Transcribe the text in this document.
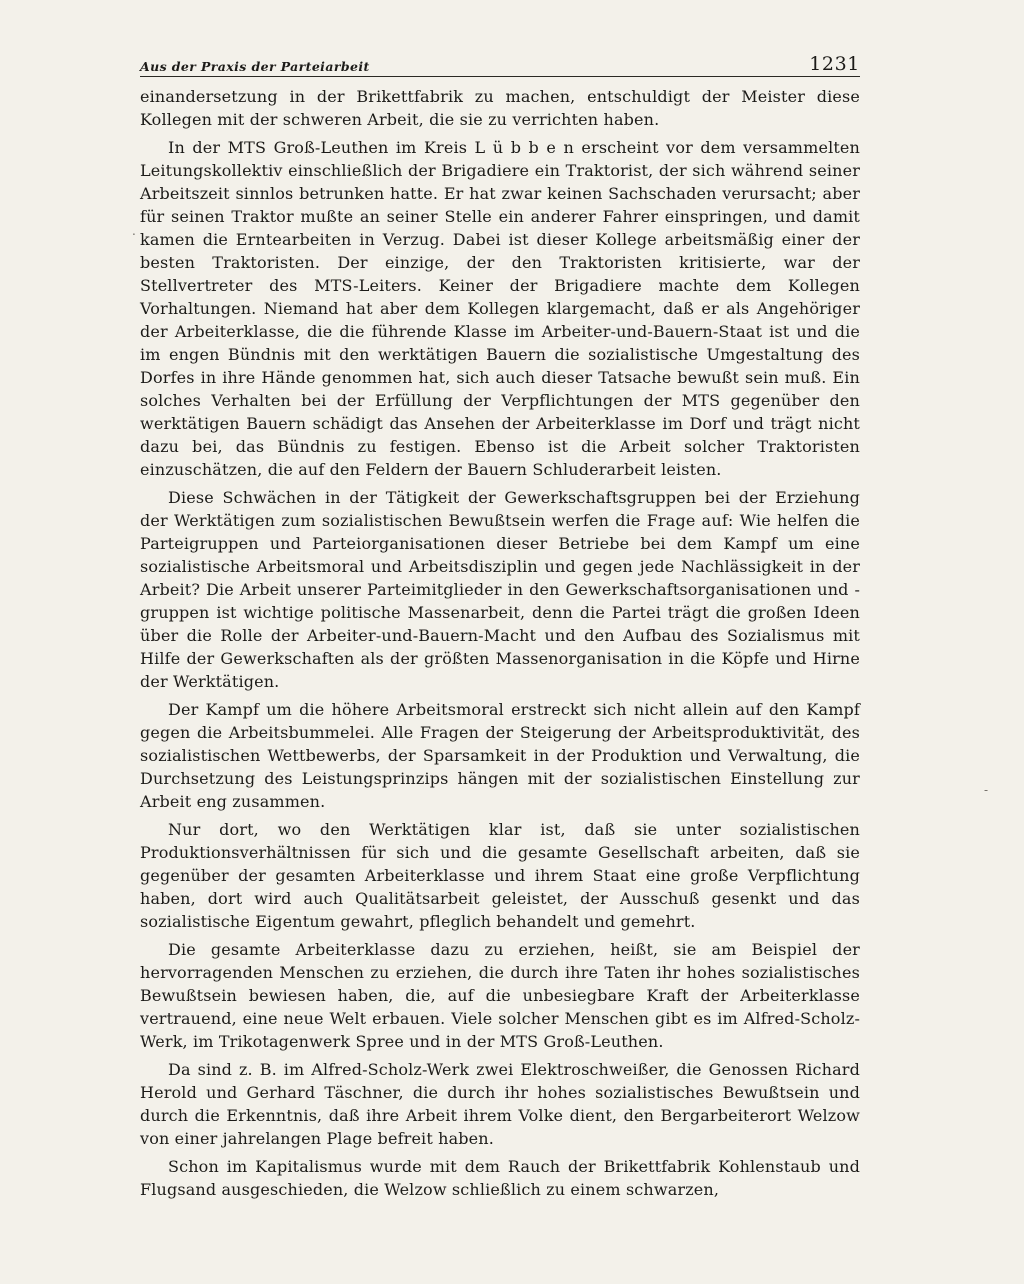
Aus der Praxis der Parteiarbeit	1231

einandersetzung in der Brikettfabrik zu machen, entschuldigt der Meister diese Kollegen mit der schweren Arbeit, die sie zu verrichten haben.

In der MTS Groß-Leuthen im Kreis L ü b b e n erscheint vor dem versammelten Leitungskollektiv einschließlich der Brigadiere ein Traktorist, der sich während seiner Arbeitszeit sinnlos betrunken hatte. Er hat zwar keinen Sachschaden verursacht; aber für seinen Traktor mußte an seiner Stelle ein anderer Fahrer einspringen, und damit kamen die Erntearbeiten in Verzug. Dabei ist dieser Kollege arbeitsmäßig einer der besten Traktoristen. Der einzige, der den Traktoristen kritisierte, war der Stellvertreter des MTS-Leiters. Keiner der Brigadiere machte dem Kollegen Vorhaltungen. Niemand hat aber dem Kollegen klargemacht, daß er als Angehöriger der Arbeiterklasse, die die führende Klasse im Arbeiter-und-Bauern-Staat ist und die im engen Bündnis mit den werktätigen Bauern die sozialistische Umgestaltung des Dorfes in ihre Hände genommen hat, sich auch dieser Tatsache bewußt sein muß. Ein solches Verhalten bei der Erfüllung der Verpflichtungen der MTS gegenüber den werktätigen Bauern schädigt das Ansehen der Arbeiterklasse im Dorf und trägt nicht dazu bei, das Bündnis zu festigen. Ebenso ist die Arbeit solcher Traktoristen einzuschätzen, die auf den Feldern der Bauern Schluderarbeit leisten.

Diese Schwächen in der Tätigkeit der Gewerkschaftsgruppen bei der Erziehung der Werktätigen zum sozialistischen Bewußtsein werfen die Frage auf: Wie helfen die Parteigruppen und Parteiorganisationen dieser Betriebe bei dem Kampf um eine sozialistische Arbeitsmoral und Arbeitsdisziplin und gegen jede Nachlässigkeit in der Arbeit? Die Arbeit unserer Parteimitglieder in den Gewerkschaftsorganisationen und -gruppen ist wichtige politische Massenarbeit, denn die Partei trägt die großen Ideen über die Rolle der Arbeiter-und-Bauern-Macht und den Aufbau des Sozialismus mit Hilfe der Gewerkschaften als der größten Massenorganisation in die Köpfe und Hirne der Werktätigen.

Der Kampf um die höhere Arbeitsmoral erstreckt sich nicht allein auf den Kampf gegen die Arbeitsbummelei. Alle Fragen der Steigerung der Arbeitsproduktivität, des sozialistischen Wettbewerbs, der Sparsamkeit in der Produktion und Verwaltung, die Durchsetzung des Leistungsprinzips hängen mit der sozialistischen Einstellung zur Arbeit eng zusammen.

Nur dort, wo den Werktätigen klar ist, daß sie unter sozialistischen Produktionsverhältnissen für sich und die gesamte Gesellschaft arbeiten, daß sie gegenüber der gesamten Arbeiterklasse und ihrem Staat eine große Verpflichtung haben, dort wird auch Qualitätsarbeit geleistet, der Ausschuß gesenkt und das sozialistische Eigentum gewahrt, pfleglich behandelt und gemehrt.

Die gesamte Arbeiterklasse dazu zu erziehen, heißt, sie am Beispiel der hervorragenden Menschen zu erziehen, die durch ihre Taten ihr hohes sozialistisches Bewußtsein bewiesen haben, die, auf die unbesiegbare Kraft der Arbeiterklasse vertrauend, eine neue Welt erbauen. Viele solcher Menschen gibt es im Alfred-Scholz-Werk, im Trikotagenwerk Spree und in der MTS Groß-Leuthen.

Da sind z. B. im Alfred-Scholz-Werk zwei Elektroschweißer, die Genossen Richard Herold und Gerhard Täschner, die durch ihr hohes sozialistisches Bewußtsein und durch die Erkenntnis, daß ihre Arbeit ihrem Volke dient, den Bergarbeiterort Welzow von einer jahrelangen Plage befreit haben.

Schon im Kapitalismus wurde mit dem Rauch der Brikettfabrik Kohlenstaub und Flugsand ausgeschieden, die Welzow schließlich zu einem schwarzen,

.
-
